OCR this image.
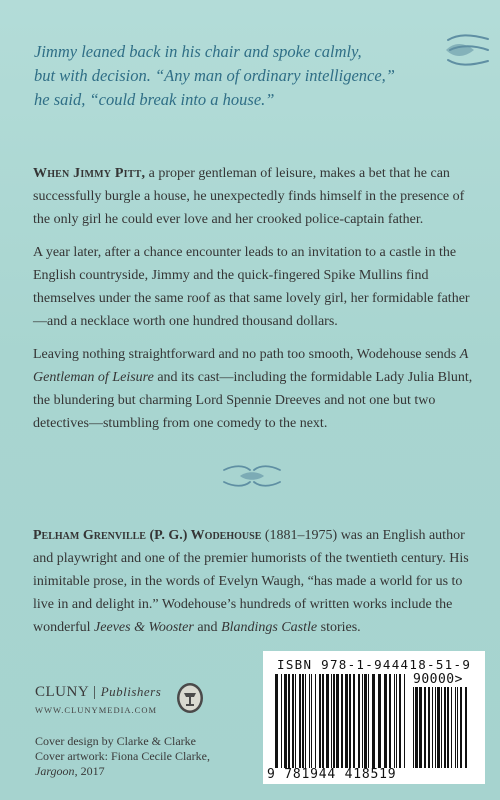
Jimmy leaned back in his chair and spoke calmly,
but with decision. “Any man of ordinary intelligence,”
he said, “could break into a house.”

When Jimmy Pitt, a proper gentleman of leisure, makes a bet that he can successfully burgle a house, he unexpectedly finds himself in the presence of the only girl he could ever love and her crooked police-captain father.

A year later, after a chance encounter leads to an invitation to a castle in the English countryside, Jimmy and the quick-fingered Spike Mullins find themselves under the same roof as that same lovely girl, her formidable father—and a necklace worth one hundred thousand dollars.

Leaving nothing straightforward and no path too smooth, Wodehouse sends A Gentleman of Leisure and its cast—including the formidable Lady Julia Blunt, the blundering but charming Lord Spennie Dreeves and not one but two detectives—stumbling from one comedy to the next.

Pelham Grenville (P. G.) Wodehouse (1881–1975) was an English author and playwright and one of the premier humorists of the twentieth century. His inimitable prose, in the words of Evelyn Waugh, “has made a world for us to live in and delight in.” Wodehouse’s hundreds of written works include the wonderful Jeeves & Wooster and Blandings Castle stories.
CLUNY | Publishers
WWW.CLUNYMEDIA.COM
Cover design by Clarke & Clarke
Cover artwork: Fiona Cecile Clarke,
Jargoon, 2017
ISBN 978-1-944418-51-9
90000>
9 781944 418519
